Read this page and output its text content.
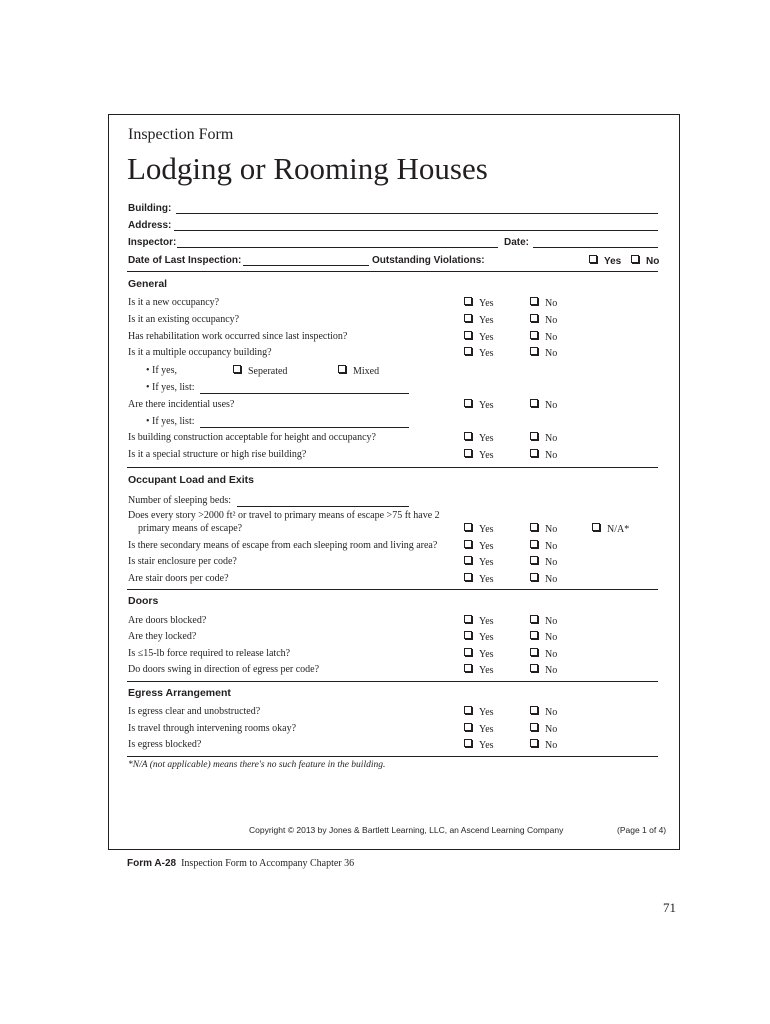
Inspection Form
Lodging or Rooming Houses
Building:
Address:
Inspector:	Date:
Date of Last Inspection:	Outstanding Violations:	Yes	No
General
Is it a new occupancy?	Yes	No
Is it an existing occupancy?	Yes	No
Has rehabilitation work occurred since last inspection?	Yes	No
Is it a multiple occupancy building?	Yes	No
• If yes,	Seperated	Mixed
• If yes, list:
Are there incidential uses?	Yes	No
• If yes, list:
Is building construction acceptable for height and occupancy?	Yes	No
Is it a special structure or high rise building?	Yes	No
Occupant Load and Exits
Number of sleeping beds:
Does every story >2000 ft² or travel to primary means of escape >75 ft have 2
primary means of escape?	Yes	No	N/A*
Is there secondary means of escape from each sleeping room and living area?	Yes	No
Is stair enclosure per code?	Yes	No
Are stair doors per code?	Yes	No
Doors
Are doors blocked?	Yes	No
Are they locked?	Yes	No
Is ≤15-lb force required to release latch?	Yes	No
Do doors swing in direction of egress per code?	Yes	No
Egress Arrangement
Is egress clear and unobstructed?	Yes	No
Is travel through intervening rooms okay?	Yes	No
Is egress blocked?	Yes	No
*N/A (not applicable) means there's no such feature in the building.
Copyright © 2013 by Jones & Bartlett Learning, LLC, an Ascend Learning Company	(Page 1 of 4)
Form A-28 Inspection Form to Accompany Chapter 36
71
